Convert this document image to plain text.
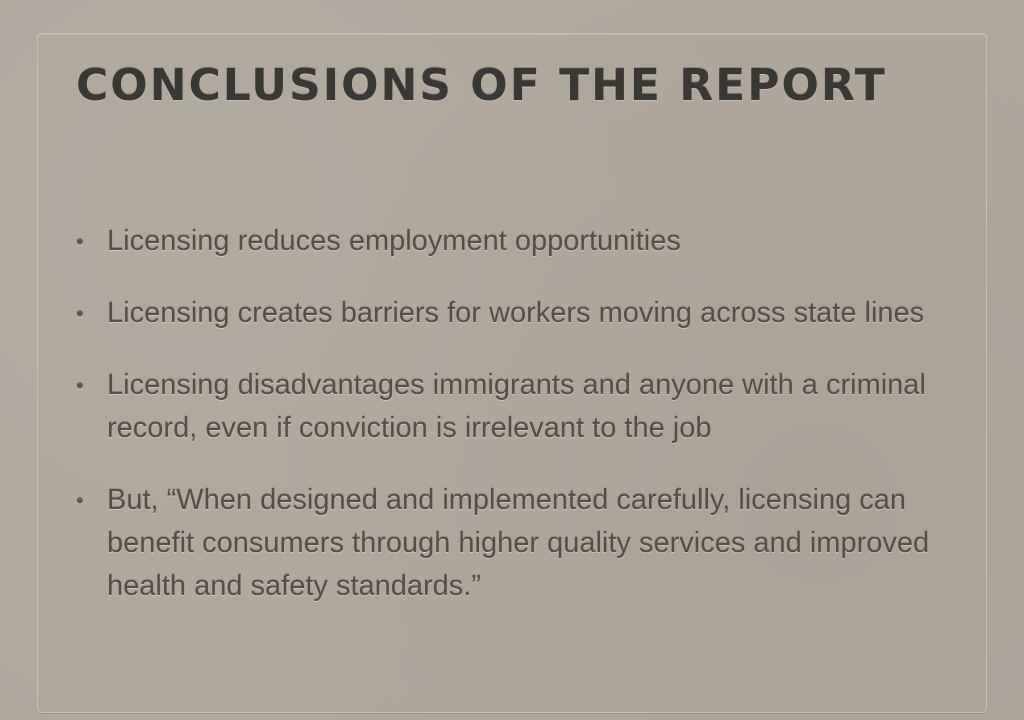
CONCLUSIONS OF THE REPORT
• Licensing reduces employment opportunities
• Licensing creates barriers for workers moving across state lines
• Licensing disadvantages immigrants and anyone with a criminal record, even if conviction is irrelevant to the job
• But, “When designed and implemented carefully, licensing can benefit consumers through higher quality services and improved health and safety standards.”
